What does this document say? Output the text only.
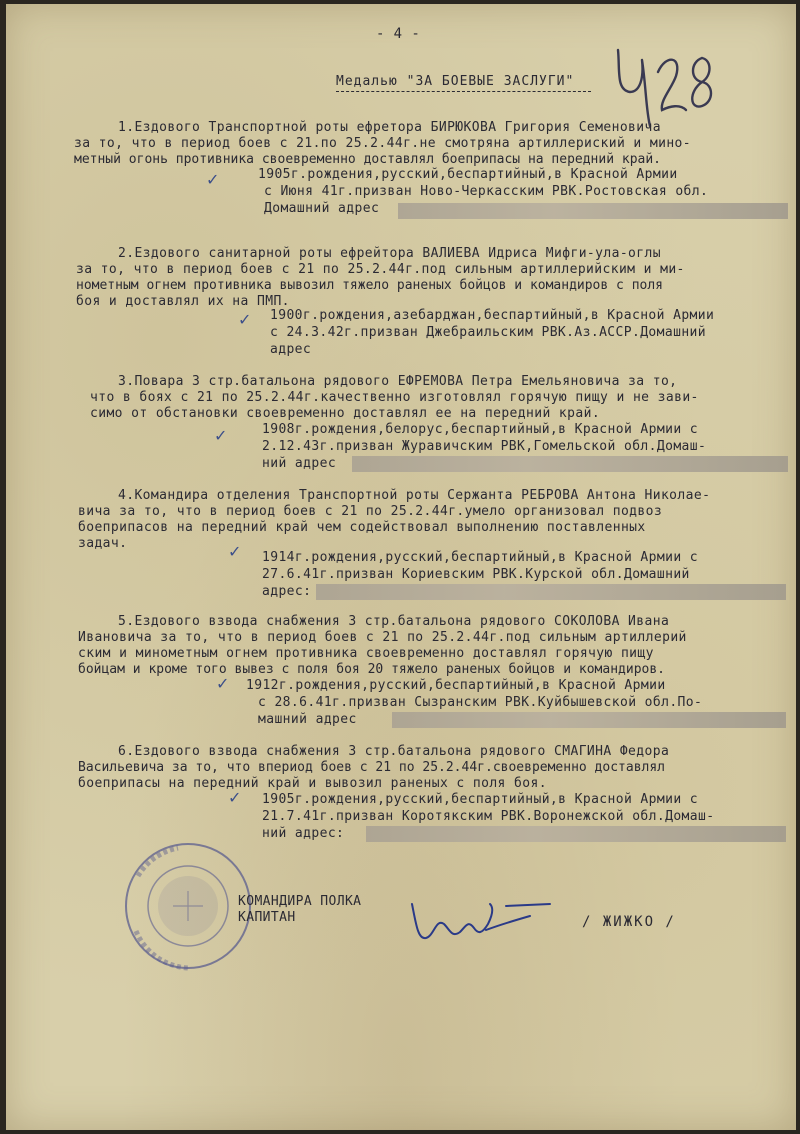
- 4 -
Медалью "ЗА БОЕВЫЕ ЗАСЛУГИ"
1.Ездового Транспортной роты ефретора БИРЮКОВА Григория Семеновича
за то, что в период боев с 21.по 25.2.44г.не смотряна артиллериский и мино-
метный огонь противника своевременно доставлял боеприпасы на передний край.
✓	1905г.рождения,русский,беспартийный,в Красной Армии
с Июня 41г.призван Ново-Черкасским РВК.Ростовская обл.
Домашний адрес
2.Ездового санитарной роты ефрейтора ВАЛИЕВА Идриса Мифги-ула-оглы
за то, что в период боев с 21 по 25.2.44г.под сильным артиллерийским и ми-
нометным огнем противника вывозил тяжело раненых бойцов и командиров с поля
боя и доставлял их на ПМП.
✓ 1900г.рождения,азебарджан,беспартийный,в Красной Армии
с 24.3.42г.призван Джебраильским РВК.Аз.АССР.Домашний
адрес
3.Повара 3 стр.батальона рядового ЕФРЕМОВА Петра Емельяновича за то,
что в боях с 21 по 25.2.44г.качественно изготовлял горячую пищу и не зави-
симо от обстановки своевременно доставлял ее на передний край.
✓	1908г.рождения,белорус,беспартийный,в Красной Армии с
2.12.43г.призван Журавичским РВК,Гомельской обл.Домаш-
ний адрес
4.Командира отделения Транспортной роты Сержанта РЕБРОВА Антона Николае-
вича за то, что в период боев с 21 по 25.2.44г.умело организовал подвоз
боеприпасов на передний край чем содействовал выполнению поставленных
задач.	✓ 1914г.рождения,русский,беспартийный,в Красной Армии с
27.6.41г.призван Кориевским РВК.Курской обл.Домашний
адрес:
5.Ездового взвода снабжения 3 стр.батальона рядового СОКОЛОВА Ивана
Ивановича за то, что в период боев с 21 по 25.2.44г.под сильным артиллерий
ским и минометным огнем противника своевременно доставлял горячую пищу
бойцам и кроме того вывез с поля боя 20 тяжело раненых бойцов и командиров.
✓ 1912г.рождения,русский,беспартийный,в Красной Армии
с 28.6.41г.призван Сызранским РВК.Куйбышевской обл.По-
машний адрес
6.Ездового взвода снабжения 3 стр.батальона рядового СМАГИНА Федора
Васильевича за то, что впериод боев с 21 по 25.2.44г.своевременно доставлял
боеприпасы на передний край и вывозил раненых с поля боя.
✓ 1905г.рождения,русский,беспартийный,в Красной Армии с
21.7.41г.призван Коротякским РВК.Воронежской обл.Домаш-
ний адрес:
КОМАНДИРА ПОЛКА
КАПИТАН	/ ЖИЖКО /
